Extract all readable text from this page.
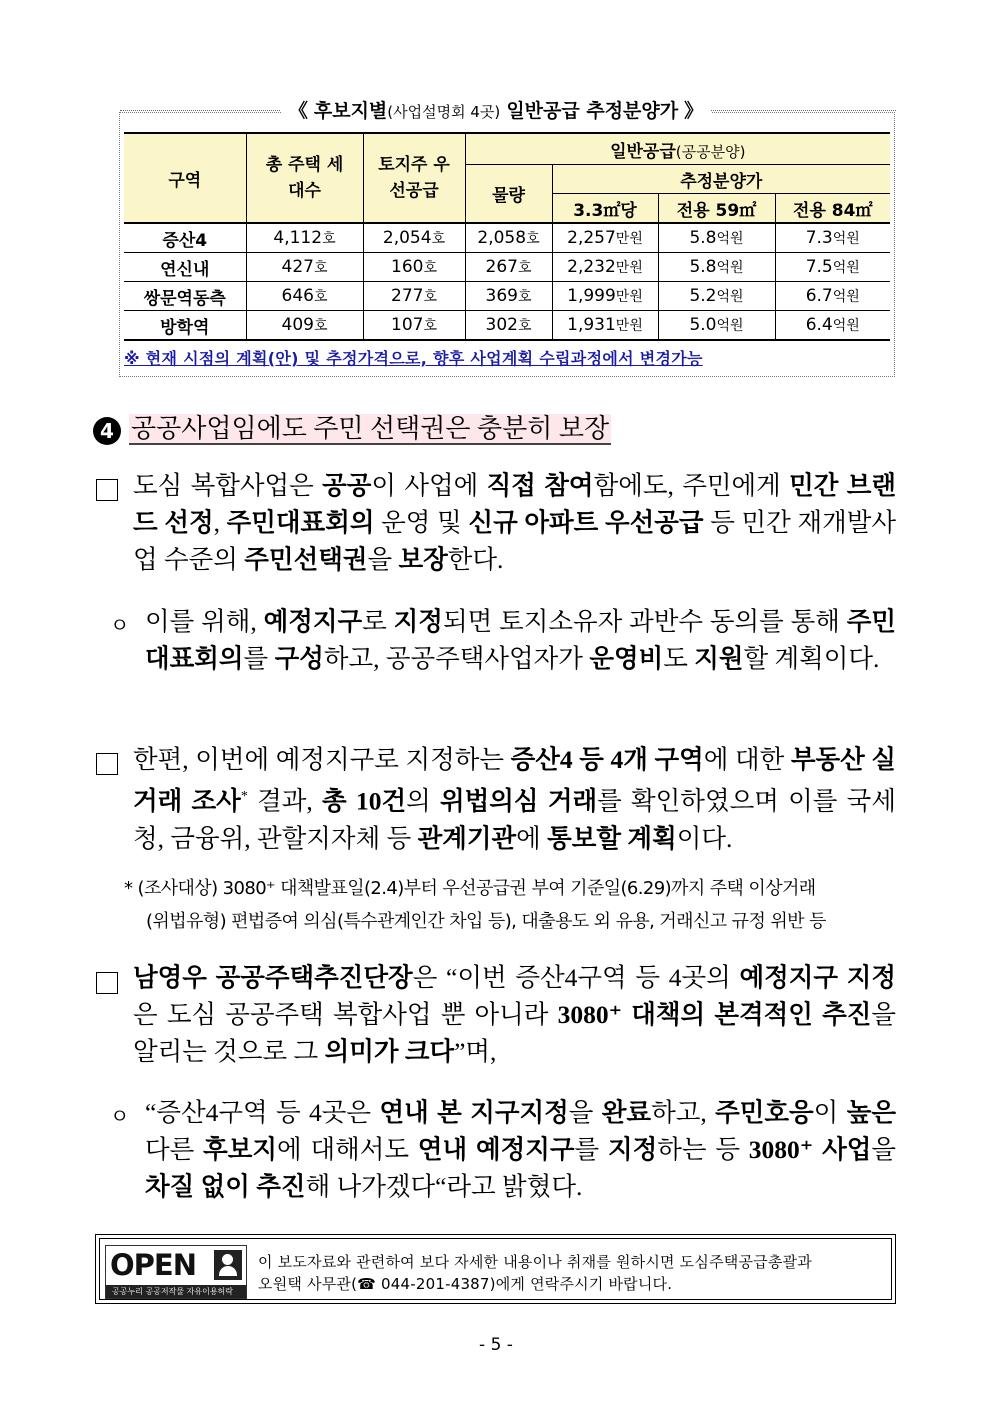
《 후보지별(사업설명회 4곳) 일반공급 추정분양가 》
구역	총 주택 세대수	토지주 우선공급	일반공급(공공분양)			
			물량	추정분양가		
				3.3㎡당	전용 59㎡	전용 84㎡
증산4	4,112호	2,054호	2,058호	2,257만원	5.8억원	7.3억원
연신내	427호	160호	267호	2,232만원	5.8억원	7.5억원
쌍문역동측	646호	277호	369호	1,999만원	5.2억원	6.7억원
방학역	409호	107호	302호	1,931만원	5.0억원	6.4억원
※ 현재 시점의 계획(안) 및 추정가격으로, 향후 사업계획 수립과정에서 변경가능
4 공공사업임에도 주민 선택권은 충분히 보장
도심 복합사업은 공공이 사업에 직접 참여함에도, 주민에게 민간 브랜드 선정, 주민대표회의 운영 및 신규 아파트 우선공급 등 민간 재개발사업 수준의 주민선택권을 보장한다.
ㅇ 이를 위해, 예정지구로 지정되면 토지소유자 과반수 동의를 통해 주민대표회의를 구성하고, 공공주택사업자가 운영비도 지원할 계획이다.
한편, 이번에 예정지구로 지정하는 증산4 등 4개 구역에 대한 부동산 실거래 조사* 결과, 총 10건의 위법의심 거래를 확인하였으며 이를 국세청, 금융위, 관할지자체 등 관계기관에 통보할 계획이다.
* (조사대상) 3080⁺ 대책발표일(2.4)부터 우선공급권 부여 기준일(6.29)까지 주택 이상거래
(위법유형) 편법증여 의심(특수관계인간 차입 등), 대출용도 외 유용, 거래신고 규정 위반 등
남영우 공공주택추진단장은 “이번 증산4구역 등 4곳의 예정지구 지정은 도심 공공주택 복합사업 뿐 아니라 3080⁺ 대책의 본격적인 추진을 알리는 것으로 그 의미가 크다”며,
ㅇ “증산4구역 등 4곳은 연내 본 지구지정을 완료하고, 주민호응이 높은 다른 후보지에 대해서도 연내 예정지구를 지정하는 등 3080⁺ 사업을 차질 없이 추진해 나가겠다“라고 밝혔다.
OPEN
공공누리 공공저작물 자유이용허락
이 보도자료와 관련하여 보다 자세한 내용이나 취재를 원하시면 도심주택공급총괄과
오원택 사무관(☎ 044-201-4387)에게 연락주시기 바랍니다.
- 5 -
